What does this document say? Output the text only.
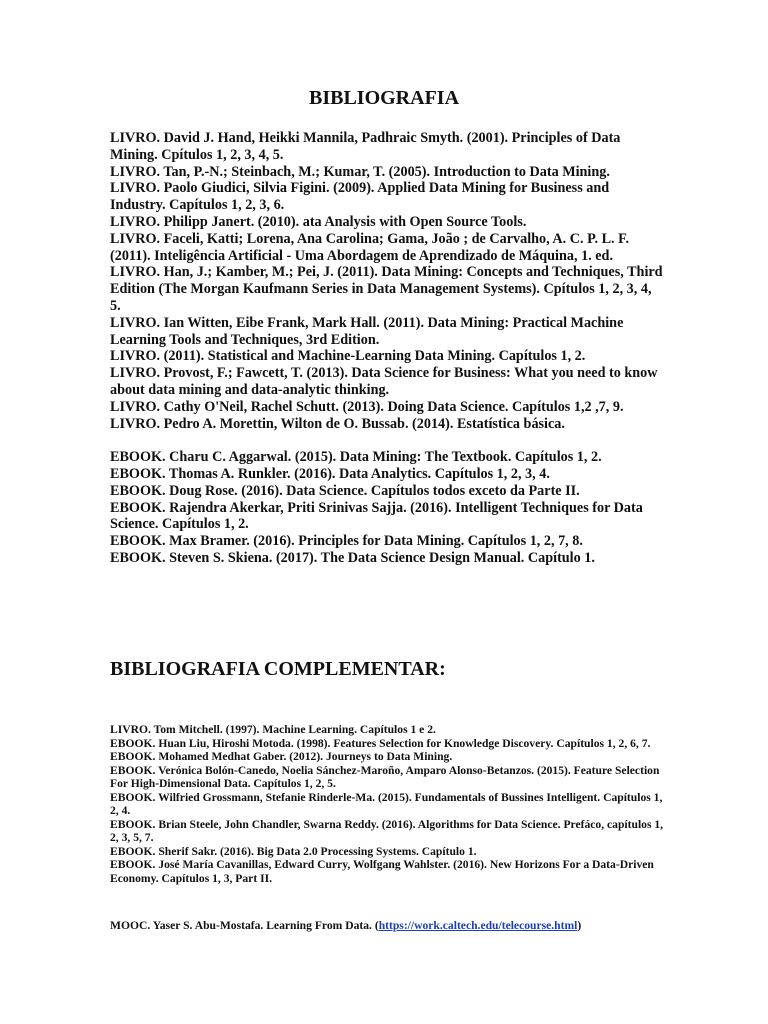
BIBLIOGRAFIA

LIVRO. David J. Hand, Heikki Mannila, Padhraic Smyth. (2001). Principles of Data Mining. Cpítulos 1, 2, 3, 4, 5.

LIVRO. Tan, P.-N.; Steinbach, M.; Kumar, T. (2005). Introduction to Data Mining.

LIVRO. Paolo Giudici, Silvia Figini. (2009). Applied Data Mining for Business and Industry. Capítulos 1, 2, 3, 6.

LIVRO. Philipp Janert. (2010). ata Analysis with Open Source Tools.

LIVRO. Faceli, Katti; Lorena, Ana Carolina; Gama, João ; de Carvalho, A. C. P. L. F. (2011). Inteligência Artificial - Uma Abordagem de Aprendizado de Máquina, 1. ed.

LIVRO. Han, J.; Kamber, M.; Pei, J. (2011). Data Mining: Concepts and Techniques, Third Edition (The Morgan Kaufmann Series in Data Management Systems). Cpítulos 1, 2, 3, 4, 5.

LIVRO. Ian Witten, Eibe Frank, Mark Hall. (2011). Data Mining: Practical Machine Learning Tools and Techniques, 3rd Edition.

LIVRO. (2011). Statistical and Machine-Learning Data Mining. Capítulos 1, 2.

LIVRO. Provost, F.; Fawcett, T. (2013). Data Science for Business: What you need to know about data mining and data-analytic thinking.

LIVRO. Cathy O'Neil, Rachel Schutt. (2013). Doing Data Science. Capítulos 1,2 ,7, 9.

LIVRO. Pedro A. Morettin, Wilton de O. Bussab. (2014). Estatística básica.

EBOOK. Charu C. Aggarwal. (2015). Data Mining: The Textbook. Capítulos 1, 2.

EBOOK. Thomas A. Runkler. (2016). Data Analytics. Capítulos 1, 2, 3, 4.

EBOOK. Doug Rose. (2016). Data Science. Capítulos todos exceto da Parte II.

EBOOK. Rajendra Akerkar, Priti Srinivas Sajja. (2016). Intelligent Techniques for Data Science. Capítulos 1, 2.

EBOOK. Max Bramer. (2016). Principles for Data Mining. Capítulos 1, 2, 7, 8.

EBOOK. Steven S. Skiena. (2017). The Data Science Design Manual. Capítulo 1.

BIBLIOGRAFIA COMPLEMENTAR:

LIVRO. Tom Mitchell. (1997). Machine Learning. Capítulos 1 e 2.

EBOOK. Huan Liu, Hiroshi Motoda. (1998). Features Selection for Knowledge Discovery. Capítulos 1, 2, 6, 7.

EBOOK. Mohamed Medhat Gaber. (2012). Journeys to Data Mining.

EBOOK. Verónica Bolón-Canedo, Noelia Sánchez-Maroño, Amparo Alonso-Betanzos. (2015). Feature Selection For High-Dimensional Data. Capítulos 1, 2, 5.

EBOOK. Wilfried Grossmann, Stefanie Rinderle-Ma. (2015). Fundamentals of Bussines Intelligent. Capítulos 1, 2, 4.

EBOOK. Brian Steele, John Chandler, Swarna Reddy. (2016). Algorithms for Data Science. Prefáco, capítulos 1, 2, 3, 5, 7.

EBOOK. Sherif Sakr. (2016). Big Data 2.0 Processing Systems. Capítulo 1.

EBOOK. José María Cavanillas, Edward Curry, Wolfgang Wahlster. (2016). New Horizons For a Data-Driven Economy. Capítulos 1, 3, Part II.

MOOC. Yaser S. Abu-Mostafa. Learning From Data. (https://work.caltech.edu/telecourse.html)
